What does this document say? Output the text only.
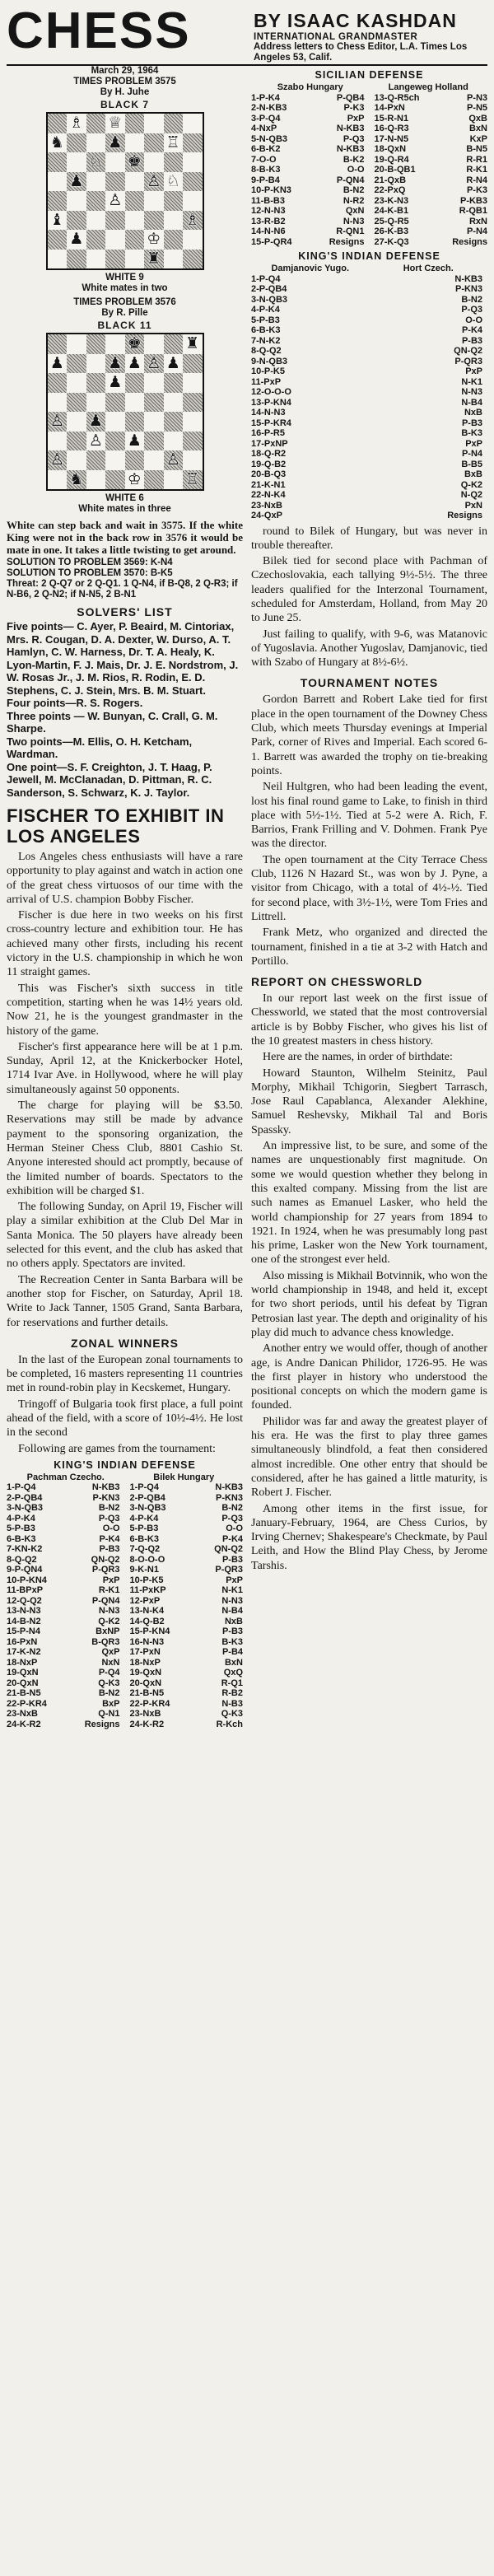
CHESS	BY ISAAC KASHDAN
INTERNATIONAL GRANDMASTER
Address letters to Chess Editor, L.A. Times Los Angeles 53, Calif.
March 29, 1964
TIMES PROBLEM 3575
By H. Juhe
BLACK 7
♗ ♕
♞	♟	♖
♘ ♚
♟	♙ ♘
♙
♝	♗
♟	♔
♜
WHITE 9
White mates in two
TIMES PROBLEM 3576
By R. Pille
BLACK 11
♚	♜
♟	♟ ♟ ♙ ♟
♟
♙ ♟
♙ ♟
♙	♙
♞	♔	♖
WHITE 6
White mates in three
White can step back and wait in 3575. If the white King were not in the back row in 3576 it would be mate in one. It takes a little twisting to get around.
SOLUTION TO PROBLEM 3569: K-N4
SOLUTION TO PROBLEM 3570: B-K5
Threat: 2 Q-Q7 or 2 Q-Q1. 1 Q-N4, if B-Q8, 2 Q-R3; if N-B6, 2 Q-N2; if N-N5, 2 B-N1
SOLVERS' LIST

Five points— C. Ayer, P. Beaird, M. Cintoriax, Mrs. R. Cougan, D. A. Dexter, W. Durso, A. T. Hamlyn, C. W. Harness, Dr. T. A. Healy, K. Lyon-Martin, F. J. Mais, Dr. J. E. Nordstrom, J. W. Rosas Jr., J. M. Rios, R. Rodin, E. D. Stephens, C. J. Stein, Mrs. B. M. Stuart.

Four points—R. S. Rogers.

Three points — W. Bunyan, C. Crall, G. M. Sharpe.

Two points—M. Ellis, O. H. Ketcham, Wardman.

One point—S. F. Creighton, J. T. Haag, P. Jewell, M. McClanadan, D. Pittman, R. C. Sanderson, S. Schwarz, K. J. Taylor.

FISCHER TO EXHIBIT IN LOS ANGELES

Los Angeles chess enthusiasts will have a rare opportunity to play against and watch in action one of the great chess virtuosos of our time with the arrival of U.S. champion Bobby Fischer.

Fischer is due here in two weeks on his first cross-country lecture and exhibition tour. He has achieved many other firsts, including his recent victory in the U.S. championship in which he won 11 straight games.

This was Fischer's sixth success in title competition, starting when he was 14½ years old. Now 21, he is the youngest grandmaster in the history of the game.

Fischer's first appearance here will be at 1 p.m. Sunday, April 12, at the Knickerbocker Hotel, 1714 Ivar Ave. in Hollywood, where he will play simultaneously against 50 opponents.

The charge for playing will be $3.50. Reservations may still be made by advance payment to the sponsoring organization, the Herman Steiner Chess Club, 8801 Cashio St. Anyone interested should act promptly, because of the limited number of boards. Spectators to the exhibition will be charged $1.

The following Sunday, on April 19, Fischer will play a similar exhibition at the Club Del Mar in Santa Monica. The 50 players have already been selected for this event, and the club has asked that no others apply. Spectators are invited.

The Recreation Center in Santa Barbara will be another stop for Fischer, on Saturday, April 18. Write to Jack Tanner, 1505 Grand, Santa Barbara, for reservations and further details.

ZONAL WINNERS

In the last of the European zonal tournaments to be completed, 16 masters representing 11 countries met in round-robin play in Kecskemet, Hungary.

Tringoff of Bulgaria took first place, a full point ahead of the field, with a score of 10½-4½. He lost in the second

Following are games from the tournament:

KING'S INDIAN DEFENSE
Pachman Czecho.	Bilek Hungary
1-P-Q4	N-KB3 1-P-Q4	N-KB3
2-P-QB4	P-KN3 2-P-QB4	P-KN3
3-N-QB3	B-N2 3-N-QB3	B-N2
4-P-K4	P-Q3 4-P-K4	P-Q3
5-P-B3	O-O 5-P-B3	O-O
6-B-K3	P-K4 6-B-K3	P-K4
7-KN-K2	P-B3 7-Q-Q2	QN-Q2
8-Q-Q2	QN-Q2 8-O-O-O	P-B3
9-P-QN4	P-QR3 9-K-N1	P-QR3
10-P-KN4	PxP 10-P-K5	PxP
11-BPxP	R-K1 11-PxKP	N-K1
12-Q-Q2	P-QN4 12-PxP	N-N3
13-N-N3	N-N3 13-N-K4	N-B4
14-B-N2	Q-K2 14-Q-B2	NxB
15-P-N4	BxNP 15-P-KN4	P-B3
16-PxN	B-QR3 16-N-N3	B-K3
17-K-N2	QxP 17-PxN	P-B4
18-NxP	NxN 18-NxP	BxN
19-QxN	P-Q4 19-QxN	QxQ
20-QxN	Q-K3 20-QxN	R-Q1
21-B-N5	B-N2 21-B-N5	R-B2
22-P-KR4	BxP 22-P-KR4	N-B3
23-NxB	Q-N1 23-NxB	Q-K3
24-K-R2	Resigns 24-K-R2	R-Kch
SICILIAN DEFENSE
Szabo Hungary	Langeweg Holland
1-P-K4	P-QB4 13-Q-R5ch	P-N3
2-N-KB3	P-K3 14-PxN	P-N5
3-P-Q4	PxP 15-R-N1	QxB
4-NxP	N-KB3 16-Q-R3	BxN
5-N-QB3	P-Q3 17-N-N5	KxP
6-B-K2	N-KB3 18-QxN	B-N5
7-O-O	B-K2 19-Q-R4	R-R1
8-B-K3	O-O 20-B-QB1	R-K1
9-P-B4	P-QN4 21-QxB	R-N4
10-P-KN3	B-N2 22-PxQ	P-K3
11-B-B3	N-R2 23-K-N3	P-KB3
12-N-N3	QxN 24-K-B1	R-QB1
13-R-B2	N-N3 25-Q-R5	RxN
14-N-N6	R-QN1 26-K-B3	P-N4
15-P-QR4	Resigns 27-K-Q3	Resigns
KING'S INDIAN DEFENSE
Damjanovic Yugo.	Hort Czech.
1-P-Q4	N-KB3
2-P-QB4	P-KN3
3-N-QB3	B-N2
4-P-K4	P-Q3
5-P-B3	O-O
6-B-K3	P-K4
7-N-K2	P-B3
8-Q-Q2	QN-Q2
9-N-QB3	P-QR3
10-P-K5	PxP
11-PxP	N-K1
12-O-O-O	N-N3
13-P-KN4	N-B4
14-N-N3	NxB
15-P-KR4	P-B3
16-P-R5	B-K3
17-PxNP	PxP
18-Q-R2	P-N4
19-Q-B2	B-B5
20-B-Q3	BxB
21-K-N1	Q-K2
22-N-K4	N-Q2
23-NxB	PxN
24-QxP	Resigns

round to Bilek of Hungary, but was never in trouble thereafter.

Bilek tied for second place with Pachman of Czechoslovakia, each tallying 9½-5½. The three leaders qualified for the Interzonal Tournament, scheduled for Amsterdam, Holland, from May 20 to June 25.

Just failing to qualify, with 9-6, was Matanovic of Yugoslavia. Another Yugoslav, Damjanovic, tied with Szabo of Hungary at 8½-6½.

TOURNAMENT NOTES

Gordon Barrett and Robert Lake tied for first place in the open tournament of the Downey Chess Club, which meets Thursday evenings at Imperial Park, corner of Rives and Imperial. Each scored 6-1. Barrett was awarded the trophy on tie-breaking points.

Neil Hultgren, who had been leading the event, lost his final round game to Lake, to finish in third place with 5½-1½. Tied at 5-2 were A. Rich, F. Barrios, Frank Frilling and V. Dohmen. Frank Pye was the director.

The open tournament at the City Terrace Chess Club, 1126 N Hazard St., was won by J. Pyne, a visitor from Chicago, with a total of 4½-½. Tied for second place, with 3½-1½, were Tom Fries and Littrell.

Frank Metz, who organized and directed the tournament, finished in a tie at 3-2 with Hatch and Portillo.

REPORT ON CHESSWORLD

In our report last week on the first issue of Chessworld, we stated that the most controversial article is by Bobby Fischer, who gives his list of the 10 greatest masters in chess history.

Here are the names, in order of birthdate:

Howard Staunton, Wilhelm Steinitz, Paul Morphy, Mikhail Tchigorin, Siegbert Tarrasch, Jose Raul Capablanca, Alexander Alekhine, Samuel Reshevsky, Mikhail Tal and Boris Spassky.

An impressive list, to be sure, and some of the names are unquestionably first magnitude. On some we would question whether they belong in this exalted company. Missing from the list are such names as Emanuel Lasker, who held the world championship for 27 years from 1894 to 1921. In 1924, when he was presumably long past his prime, Lasker won the New York tournament, one of the strongest ever held.

Also missing is Mikhail Botvinnik, who won the world championship in 1948, and held it, except for two short periods, until his defeat by Tigran Petrosian last year. The depth and originality of his play did much to advance chess knowledge.

Another entry we would offer, though of another age, is Andre Danican Philidor, 1726-95. He was the first player in history who understood the positional concepts on which the modern game is founded.

Philidor was far and away the greatest player of his era. He was the first to play three games simultaneously blindfold, a feat then considered almost incredible. One other entry that should be considered, after he has gained a little maturity, is Robert J. Fischer.

Among other items in the first issue, for January-February, 1964, are Chess Curios, by Irving Chernev; Shakespeare's Checkmate, by Paul Leith, and How the Blind Play Chess, by Jerome Tarshis.
